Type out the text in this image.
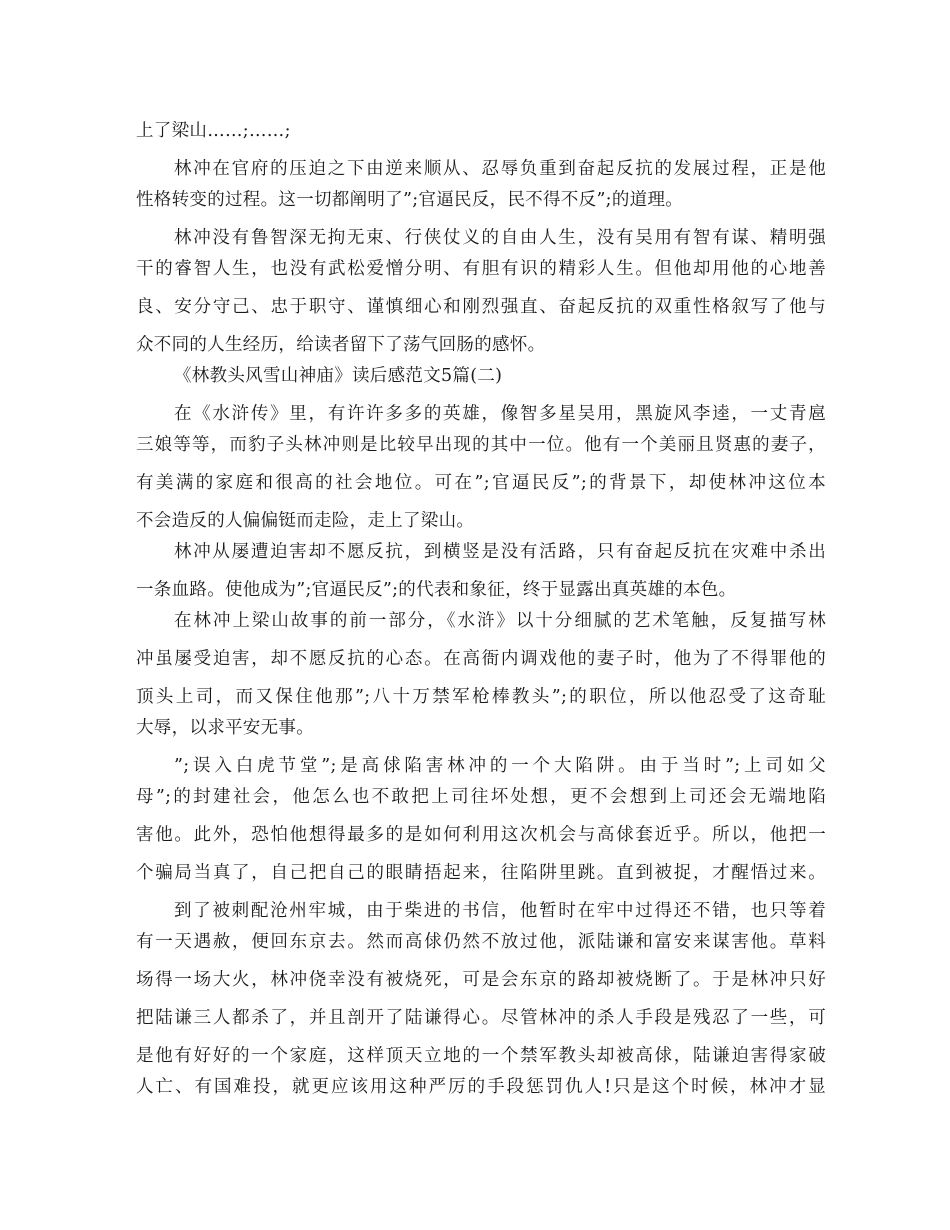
上了梁山……;……;
林冲在官府的压迫之下由逆来顺从、忍辱负重到奋起反抗的发展过程，正是他
性格转变的过程。这一切都阐明了”;官逼民反，民不得不反”;的道理。
林冲没有鲁智深无拘无束、行侠仗义的自由人生，没有吴用有智有谋、精明强
干的睿智人生，也没有武松爱憎分明、有胆有识的精彩人生。但他却用他的心地善
良、安分守己、忠于职守、谨慎细心和刚烈强直、奋起反抗的双重性格叙写了他与
众不同的人生经历，给读者留下了荡气回肠的感怀。
《林教头风雪山神庙》读后感范文5篇(二)
在《水浒传》里，有许许多多的英雄，像智多星吴用，黑旋风李逵，一丈青扈
三娘等等，而豹子头林冲则是比较早出现的其中一位。他有一个美丽且贤惠的妻子，
有美满的家庭和很高的社会地位。可在”;官逼民反”;的背景下，却使林冲这位本
不会造反的人偏偏铤而走险，走上了梁山。
林冲从屡遭迫害却不愿反抗，到横竖是没有活路，只有奋起反抗在灾难中杀出
一条血路。使他成为”;官逼民反”;的代表和象征，终于显露出真英雄的本色。
在林冲上梁山故事的前一部分，《水浒》以十分细腻的艺术笔触，反复描写林
冲虽屡受迫害，却不愿反抗的心态。在高衙内调戏他的妻子时，他为了不得罪他的
顶头上司，而又保住他那”;八十万禁军枪棒教头”;的职位，所以他忍受了这奇耻
大辱，以求平安无事。
”;误入白虎节堂”;是高俅陷害林冲的一个大陷阱。由于当时”;上司如父
母”;的封建社会，他怎么也不敢把上司往坏处想，更不会想到上司还会无端地陷
害他。此外，恐怕他想得最多的是如何利用这次机会与高俅套近乎。所以，他把一
个骗局当真了，自己把自己的眼睛捂起来，往陷阱里跳。直到被捉，才醒悟过来。
到了被刺配沧州牢城，由于柴进的书信，他暂时在牢中过得还不错，也只等着
有一天遇赦，便回东京去。然而高俅仍然不放过他，派陆谦和富安来谋害他。草料
场得一场大火，林冲侥幸没有被烧死，可是会东京的路却被烧断了。于是林冲只好
把陆谦三人都杀了，并且剖开了陆谦得心。尽管林冲的杀人手段是残忍了一些，可
是他有好好的一个家庭，这样顶天立地的一个禁军教头却被高俅，陆谦迫害得家破
人亡、有国难投，就更应该用这种严厉的手段惩罚仇人!只是这个时候，林冲才显
